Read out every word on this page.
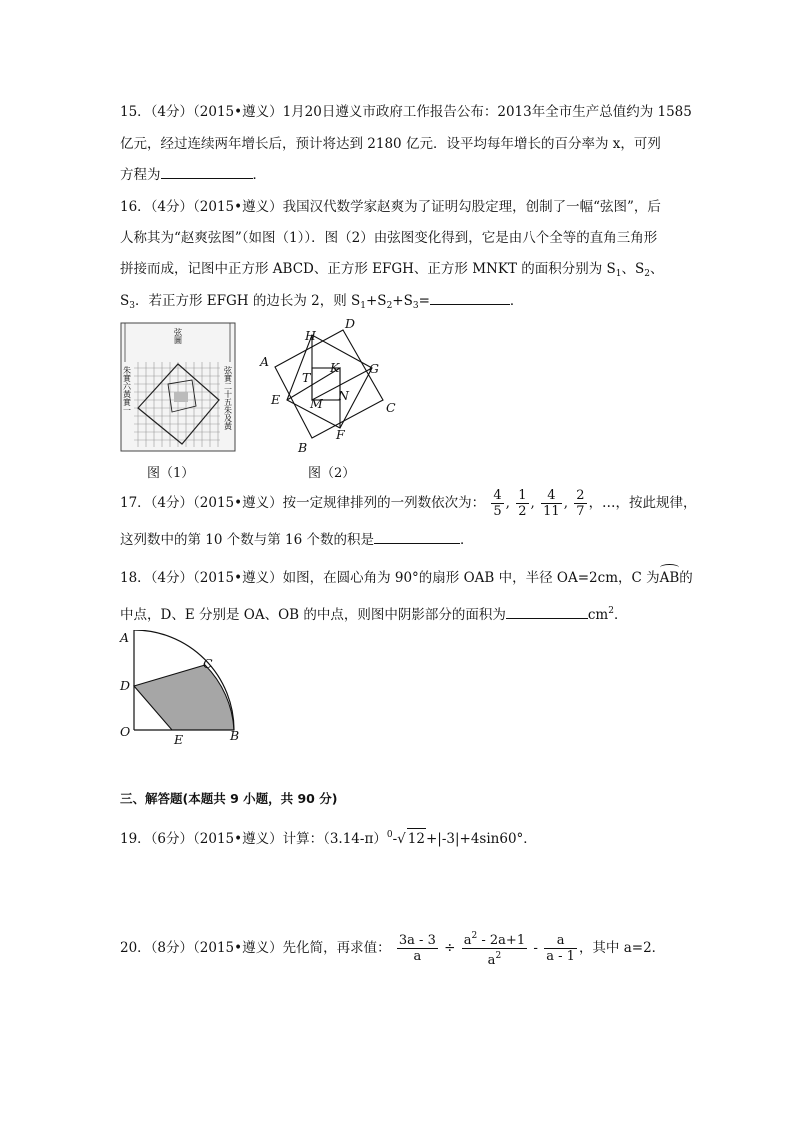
15．（4分）（2015•遵义）1月20日遵义市政府工作报告公布：2013年全市生产总值约为 1585
亿元，经过连续两年增长后，预计将达到 2180 亿元．设平均每年增长的百分率为 x，可列
方程为	．
16．（4分）（2015•遵义）我国汉代数学家赵爽为了证明勾股定理，创制了一幅“弦图”，后
人称其为“赵爽弦图”（如图（1））．图（2）由弦图变化得到，它是由八个全等的直角三角形
拼接而成，记图中正方形 ABCD、正方形 EFGH、正方形 MNKT 的面积分别为 $S_1$、$S_2$、
$S_3$．若正方形 EFGH 的边长为 2，则 $S_1+S_2+S_3=$	．
弦圖
朱實六黃實一	弦實二十五朱及黃
图（1）
A
D
H
G
K
T
E M
N
C
F
B
图（2）
17．（4分）（2015•遵义）按一定规律排列的一列数依次为： $\frac{4}{5}$ , $\frac{1}{2}$ , $\frac{4}{11}$ , $\frac{2}{7}$ ，…，按此规律，
这列数中的第 10 个数与第 16 个数的积是	．
18．（4分）（2015•遵义）如图，在圆心角为 90°的扇形 OAB 中，半径 OA=2cm，C 为AB的
中点，D、E 分别是 OA、OB 的中点，则图中阴影部分的面积为	$cm^2$．
A
C
D
O
E	B
三、解答题(本题共 9 小题，共 90 分)
19．（6分）（2015•遵义）计算：$(3.14-\pi)^0-√$ 12+|-3|+4sin60°．
20．（8分）（2015•遵义）先化简，再求值： $\frac{3a - 3}{a} \div \frac{a^2 - 2a+1}{a^2} - \frac{a}{a - 1}$ ，其中 a=2．
